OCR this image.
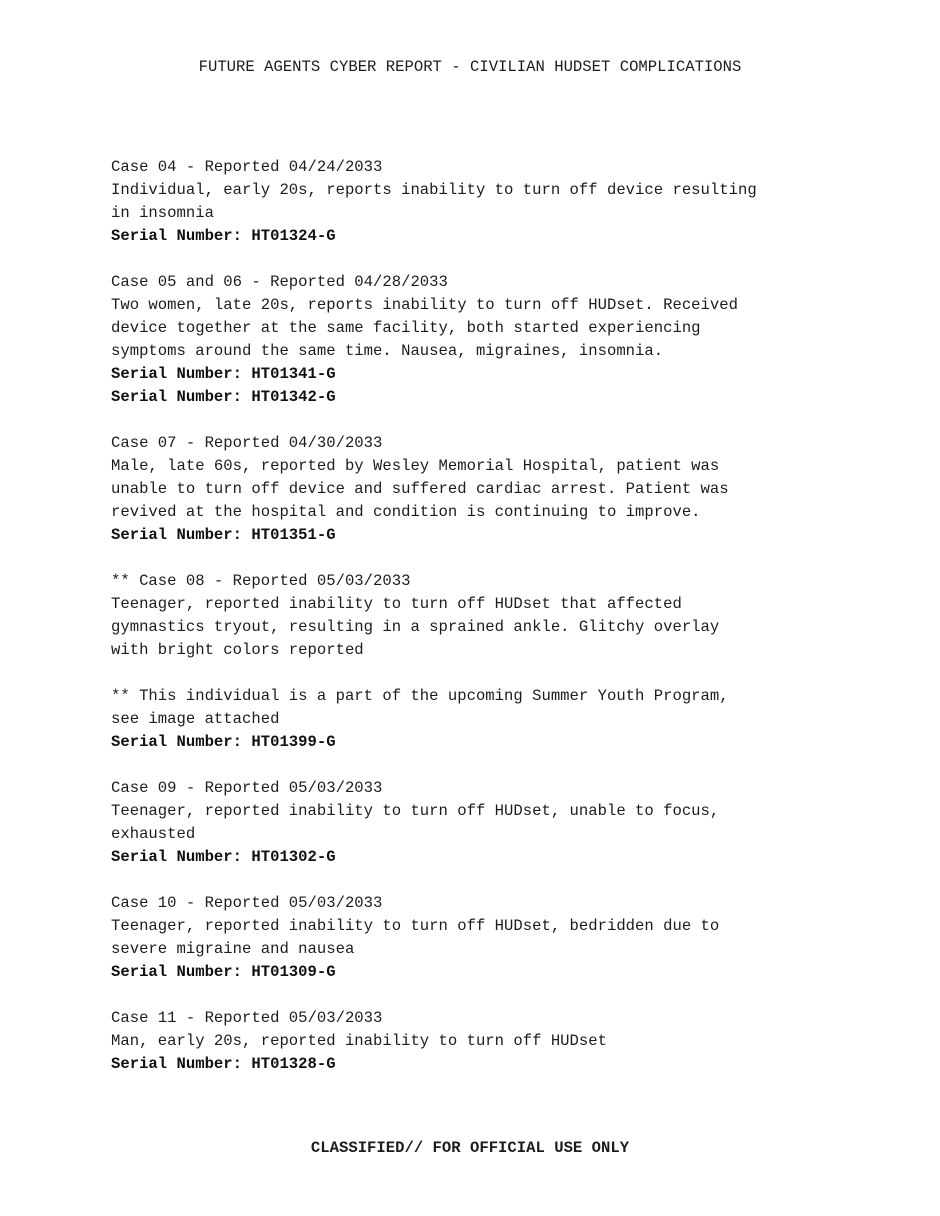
FUTURE AGENTS CYBER REPORT - CIVILIAN HUDSET COMPLICATIONS
Case 04 - Reported 04/24/2033
Individual, early 20s, reports inability to turn off device resulting
in insomnia
Serial Number: HT01324-G
Case 05 and 06 - Reported 04/28/2033
Two women, late 20s, reports inability to turn off HUDset. Received
device together at the same facility, both started experiencing
symptoms around the same time. Nausea, migraines, insomnia.
Serial Number: HT01341-G
Serial Number: HT01342-G
Case 07 - Reported 04/30/2033
Male, late 60s, reported by Wesley Memorial Hospital, patient was
unable to turn off device and suffered cardiac arrest. Patient was
revived at the hospital and condition is continuing to improve.
Serial Number: HT01351-G
** Case 08 - Reported 05/03/2033
Teenager, reported inability to turn off HUDset that affected
gymnastics tryout, resulting in a sprained ankle. Glitchy overlay
with bright colors reported

** This individual is a part of the upcoming Summer Youth Program,
see image attached
Serial Number: HT01399-G
Case 09 - Reported 05/03/2033
Teenager, reported inability to turn off HUDset, unable to focus,
exhausted
Serial Number: HT01302-G
Case 10 - Reported 05/03/2033
Teenager, reported inability to turn off HUDset, bedridden due to
severe migraine and nausea
Serial Number: HT01309-G
Case 11 - Reported 05/03/2033
Man, early 20s, reported inability to turn off HUDset
Serial Number: HT01328-G
CLASSIFIED// FOR OFFICIAL USE ONLY
